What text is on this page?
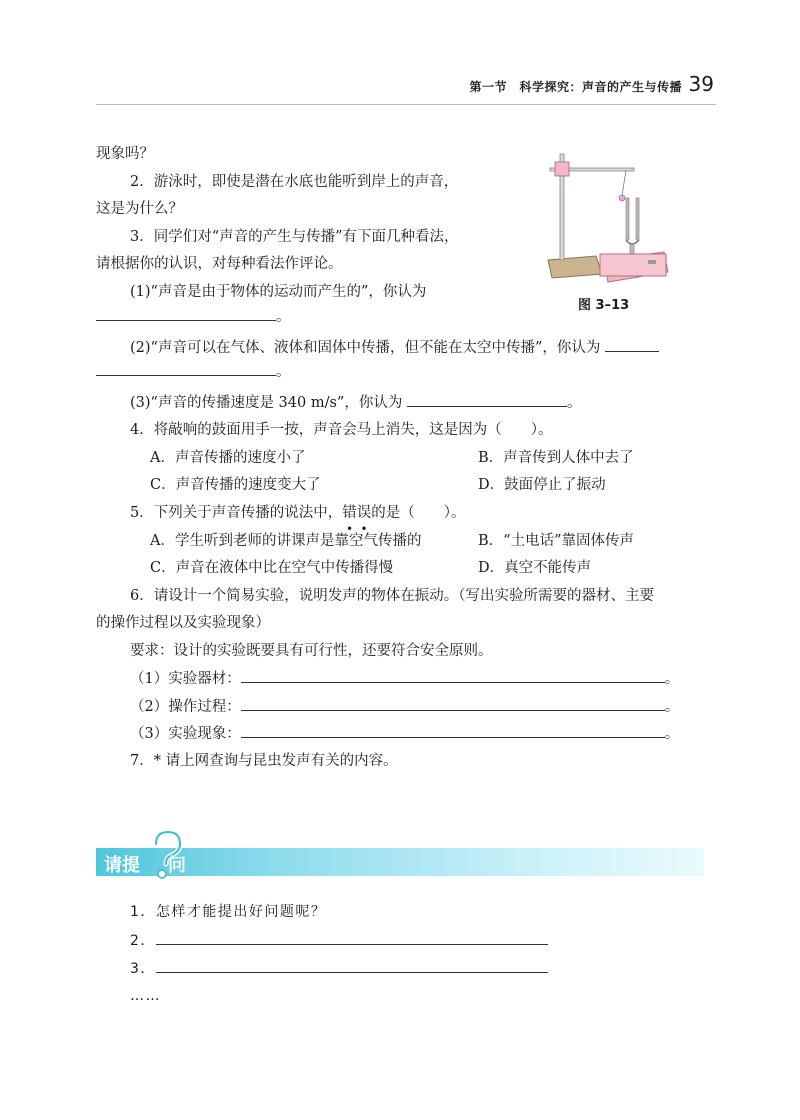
第一节　科学探究：声音的产生与传播 39
图 3–13
现象吗？
2．游泳时，即使是潜在水底也能听到岸上的声音，
这是为什么？
3．同学们对“声音的产生与传播”有下面几种看法，
请根据你的认识，对每种看法作评论。
(1)“声音是由于物体的运动而产生的”，你认为
。
(2)“声音可以在气体、液体和固体中传播，但不能在太空中传播”，你认为
。
(3)“声音的传播速度是 340 m/s”，你认为	。
4．将敲响的鼓面用手一按，声音会马上消失，这是因为（　　）。
A．声音传播的速度小了	B．声音传到人体中去了
C．声音传播的速度变大了	D．鼓面停止了振动
5．下列关于声音传播的说法中，错误的是（　　）。
A．学生听到老师的讲课声是靠空气传播的	B．“土电话”靠固体传声
C．声音在液体中比在空气中传播得慢	D．真空不能传声
6．请设计一个简易实验，说明发声的物体在振动。（写出实验所需要的器材、主要
的操作过程以及实验现象）
要求：设计的实验既要具有可行性，还要符合安全原则。
（1）实验器材：	。
（2）操作过程：	。
（3）实验现象：	。
7．* 请上网查询与昆虫发声有关的内容。
请提 问
1．怎样才能提出好问题呢？
2．
3．
……
